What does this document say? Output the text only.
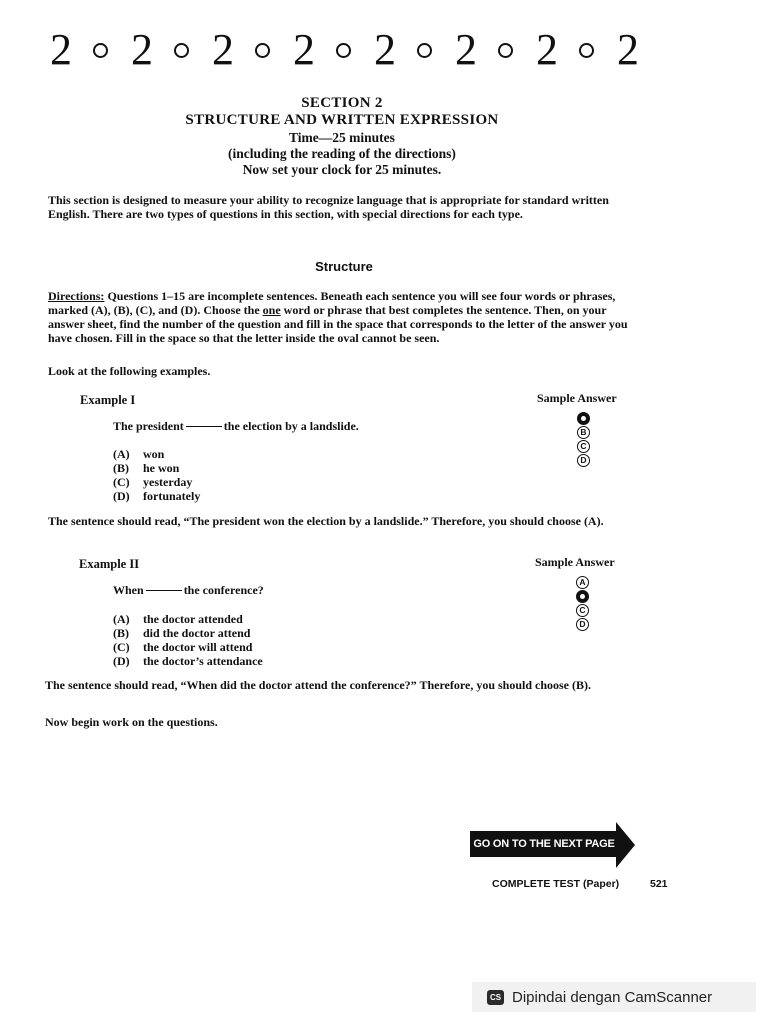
2 2 2 2 2 2 2 2
SECTION 2
STRUCTURE AND WRITTEN EXPRESSION
Time—25 minutes
(including the reading of the directions)
Now set your clock for 25 minutes.
This section is designed to measure your ability to recognize language that is appropriate for standard written English. There are two types of questions in this section, with special directions for each type.
Structure
Directions: Questions 1–15 are incomplete sentences. Beneath each sentence you will see four words or phrases, marked (A), (B), (C), and (D). Choose the one word or phrase that best completes the sentence. Then, on your answer sheet, find the number of the question and fill in the space that corresponds to the letter of the answer you have chosen. Fill in the space so that the letter inside the oval cannot be seen.
Look at the following examples.
Example I	Sample Answer
The president	the election by a landslide.
(A) won
(B) he won
(C) yesterday
(D) fortunately
B
C
D
The sentence should read, “The president won the election by a landslide.” Therefore, you should choose (A).
Example II	Sample Answer
When	the conference?
(A) the doctor attended
(B) did the doctor attend
(C) the doctor will attend
(D) the doctor’s attendance
A
C
D
The sentence should read, “When did the doctor attend the conference?” Therefore, you should choose (B).
Now begin work on the questions.
GO ON TO THE NEXT PAGE
COMPLETE TEST (Paper)	521
CS Dipindai dengan CamScanner
